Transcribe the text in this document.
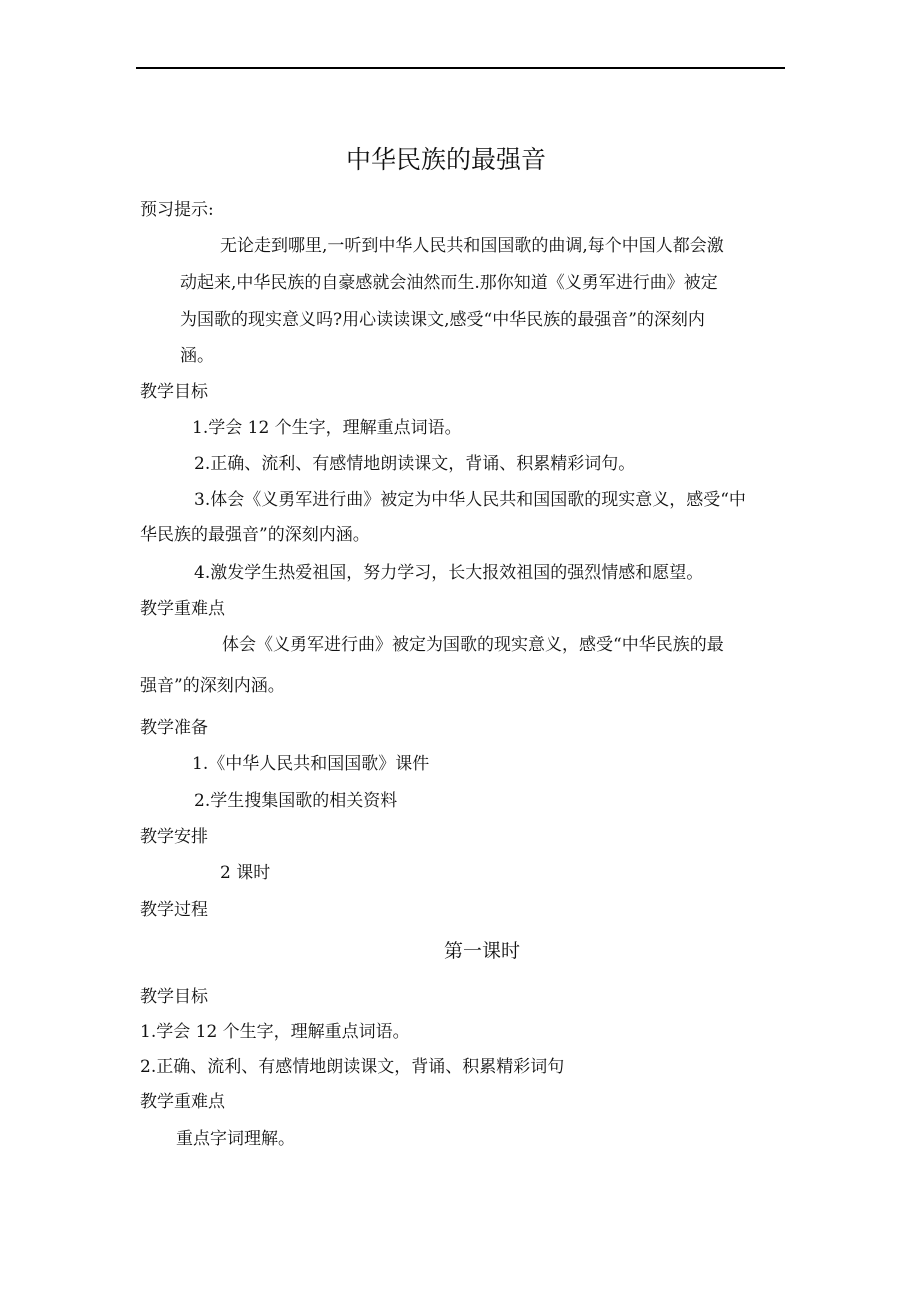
中华民族的最强音
预习提示:
无论走到哪里,一听到中华人民共和国国歌的曲调,每个中国人都会激
动起来,中华民族的自豪感就会油然而生.那你知道《义勇军进行曲》被定
为国歌的现实意义吗?用心读读课文,感受“中华民族的最强音”的深刻内
涵。
教学目标
1.学会 12 个生字，理解重点词语。
2.正确、流利、有感情地朗读课文，背诵、积累精彩词句。
3.体会《义勇军进行曲》被定为中华人民共和国国歌的现实意义，感受“中
华民族的最强音”的深刻内涵。
4.激发学生热爱祖国，努力学习，长大报效祖国的强烈情感和愿望。
教学重难点
体会《义勇军进行曲》被定为国歌的现实意义，感受“中华民族的最
强音”的深刻内涵。
教学准备
1.《中华人民共和国国歌》课件
2.学生搜集国歌的相关资料
教学安排
2 课时
教学过程
第一课时
教学目标
1.学会 12 个生字，理解重点词语。
2.正确、流利、有感情地朗读课文，背诵、积累精彩词句
教学重难点
重点字词理解。
